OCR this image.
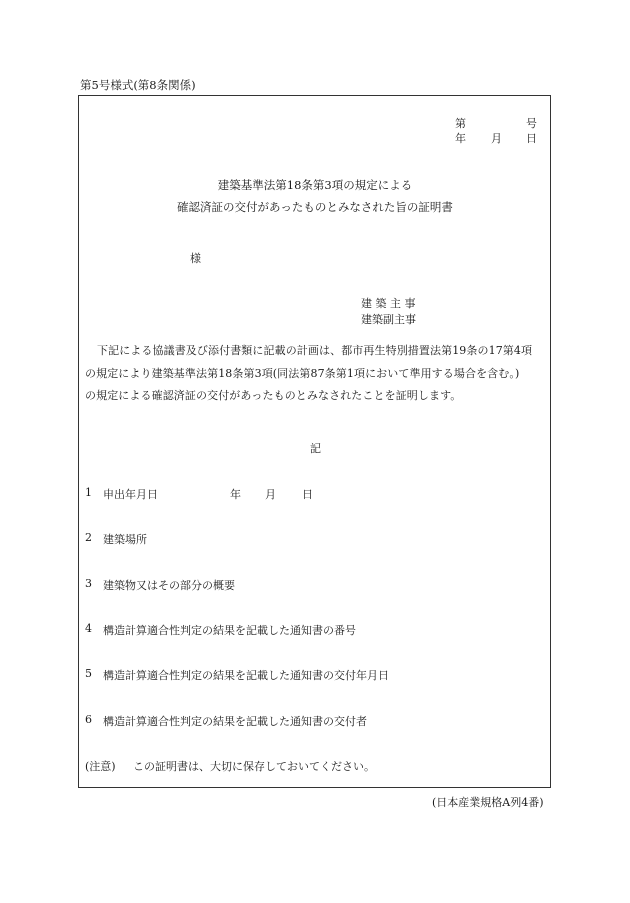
第5号様式(第8条関係)
第	号
年 月 日
建築基準法第18条第3項の規定による
確認済証の交付があったものとみなされた旨の証明書
様
建 築 主 事
建築副主事
下記による協議書及び添付書類に記載の計画は、都市再生特別措置法第19条の17第4項
の規定により建築基準法第18条第3項(同法第87条第1項において準用する場合を含む。)
の規定による確認済証の交付があったものとみなされたことを証明します。
記
1 申出年月日	年 月 日
2 建築場所
3 建築物又はその部分の概要
4 構造計算適合性判定の結果を記載した通知書の番号
5 構造計算適合性判定の結果を記載した通知書の交付年月日
6 構造計算適合性判定の結果を記載した通知書の交付者
(注意) この証明書は、大切に保存しておいてください。
(日本産業規格A列4番)
